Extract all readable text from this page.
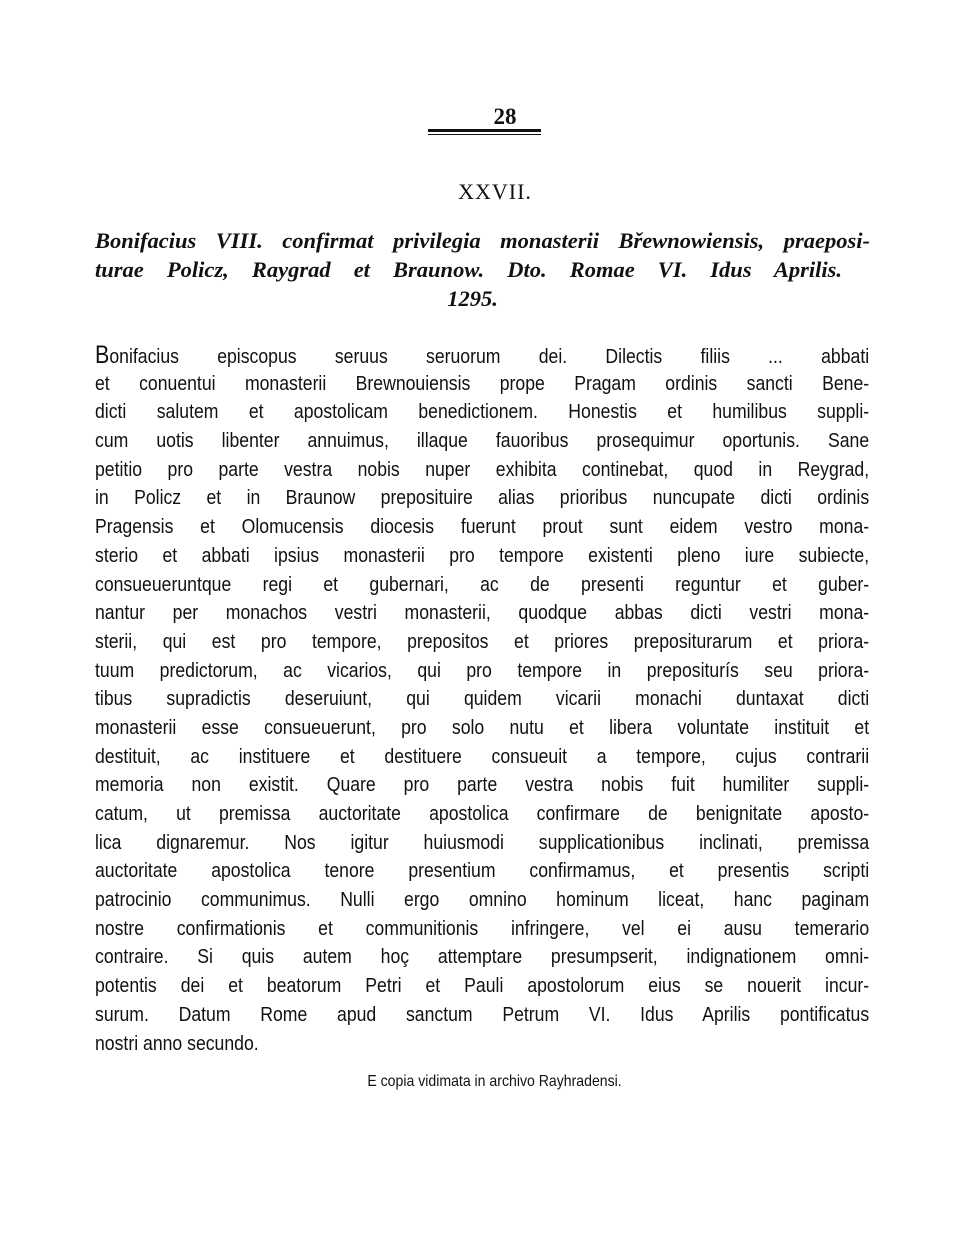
28
XXVII.
Bonifacius VIII. confirmat privilegia monasterii Břewnowiensis, praeposi-
turae Policz, Raygrad et Braunow. Dto. Romae VI. Idus Aprilis.
1295.
Bonifacius episcopus seruus seruorum dei. Dilectis filiis ... abbati
et conuentui monasterii Brewnouiensis prope Pragam ordinis sancti Bene-
dicti salutem et apostolicam benedictionem. Honestis et humilibus suppli-
cum uotis libenter annuimus, illaque fauoribus prosequimur oportunis. Sane
petitio pro parte vestra nobis nuper exhibita continebat, quod in Reygrad,
in Policz et in Braunow preposituire alias prioribus nuncupate dicti ordinis
Pragensis et Olomucensis diocesis fuerunt prout sunt eidem vestro mona-
sterio et abbati ipsius monasterii pro tempore existenti pleno iure subiecte,
consueueruntque regi et gubernari, ac de presenti reguntur et guber-
nantur per monachos vestri monasterii, quodque abbas dicti vestri mona-
sterii, qui est pro tempore, prepositos et priores prepositurarum et priora-
tuum predictorum, ac vicarios, qui pro tempore in prepositurís seu priora-
tibus supradictis deseruiunt, qui quidem vicarii monachi duntaxat dicti
monasterii esse consueuerunt, pro solo nutu et libera voluntate instituit et
destituit, ac instituere et destituere consueuit a tempore, cujus contrarii
memoria non existit. Quare pro parte vestra nobis fuit humiliter suppli-
catum, ut premissa auctoritate apostolica confirmare de benignitate aposto-
lica dignaremur. Nos igitur huiusmodi supplicationibus inclinati, premissa
auctoritate apostolica tenore presentium confirmamus, et presentis scripti
patrocinio communimus. Nulli ergo omnino hominum liceat, hanc paginam
nostre confirmationis et communitionis infringere, vel ei ausu temerario
contraire. Si quis autem hoç attemptare presumpserit, indignationem omni-
potentis dei et beatorum Petri et Pauli apostolorum eius se nouerit incur-
surum. Datum Rome apud sanctum Petrum VI. Idus Aprilis pontificatus
nostri anno secundo.
E copia vidimata in archivo Rayhradensi.
